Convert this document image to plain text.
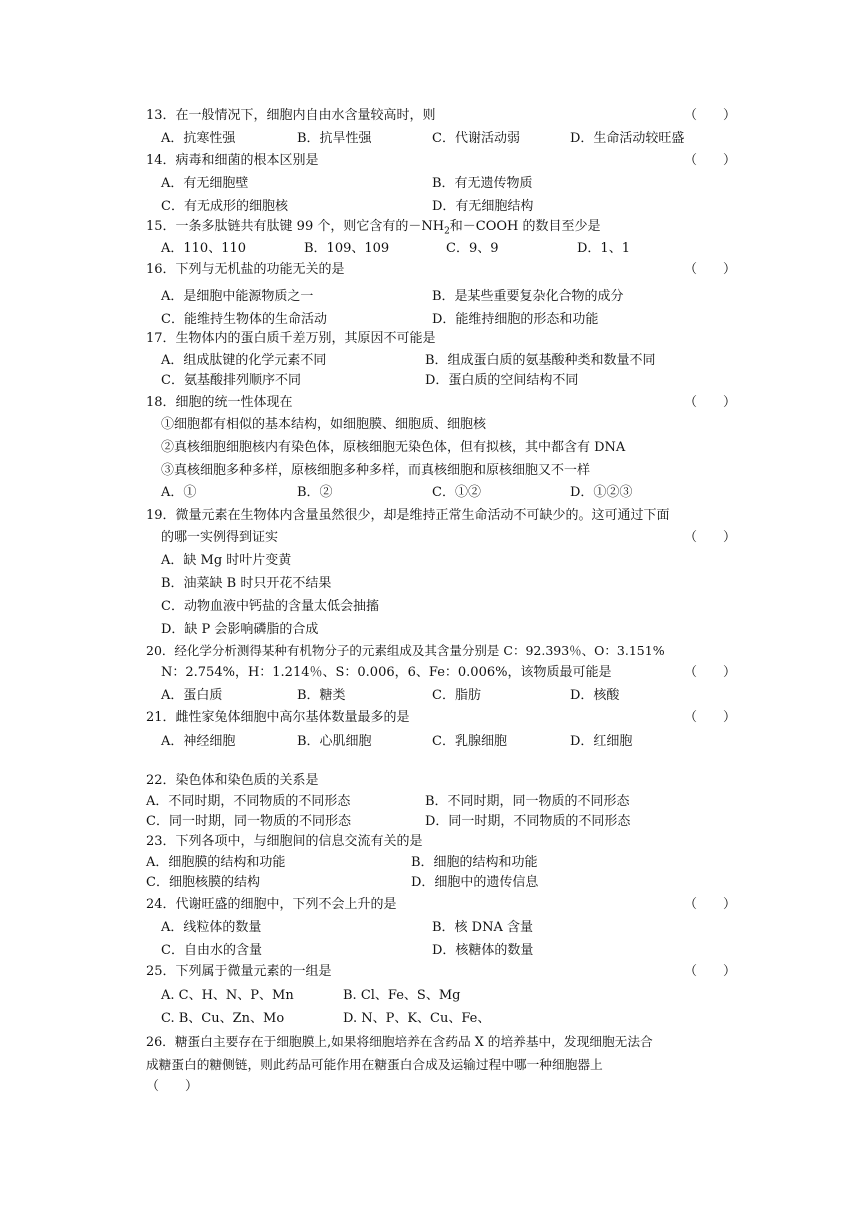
13．在一般情况下，细胞内自由水含量较高时，则	（　　）
A．抗寒性强	B．抗旱性强	C．代谢活动弱	D．生命活动较旺盛
14．病毒和细菌的根本区别是	（　　）
A．有无细胞壁	B．有无遗传物质
C．有无成形的细胞核	D．有无细胞结构
15．一条多肽链共有肽键 99 个，则它含有的$-NH_2$和－COOH 的数目至少是
A．110、110	B．109、109	C．9、9	D．1、1
16．下列与无机盐的功能无关的是	（　　）
A．是细胞中能源物质之一	B．是某些重要复杂化合物的成分
C．能维持生物体的生命活动	D．能维持细胞的形态和功能
17．生物体内的蛋白质千差万别，其原因不可能是
A．组成肽键的化学元素不同	B．组成蛋白质的氨基酸种类和数量不同
C．氨基酸排列顺序不同	D．蛋白质的空间结构不同
18．细胞的统一性体现在	（　　）
①细胞都有相似的基本结构，如细胞膜、细胞质、细胞核
②真核细胞细胞核内有染色体，原核细胞无染色体，但有拟核，其中都含有 DNA
③真核细胞多种多样，原核细胞多种多样，而真核细胞和原核细胞又不一样
A．①	B．②	C．①②	D．①②③
19．微量元素在生物体内含量虽然很少，却是维持正常生命活动不可缺少的。这可通过下面
的哪一实例得到证实	（　　）
A．缺 Mg 时叶片变黄
B．油菜缺 B 时只开花不结果
C．动物血液中钙盐的含量太低会抽搐
D．缺 P 会影响磷脂的合成
20．经化学分析测得某种有机物分子的元素组成及其含量分别是 C：92.393％、O：3.151%
N：2.754%，H：1.214％、S：0.006，6、Fe：0.006%，该物质最可能是	（　　）
A．蛋白质	B．糖类	C．脂肪	D．核酸
21．雌性家兔体细胞中高尔基体数量最多的是	（　　）
A．神经细胞	B．心肌细胞	C．乳腺细胞	D．红细胞
22．染色体和染色质的关系是
A．不同时期，不同物质的不同形态	B．不同时期，同一物质的不同形态
C．同一时期，同一物质的不同形态	D．同一时期，不同物质的不同形态
23．下列各项中，与细胞间的信息交流有关的是
A．细胞膜的结构和功能	B．细胞的结构和功能
C．细胞核膜的结构	D．细胞中的遗传信息
24．代谢旺盛的细胞中，下列不会上升的是	（　　）
A．线粒体的数量	B．核 DNA 含量
C．自由水的含量	D．核糖体的数量
25．下列属于微量元素的一组是	（　　）
A. C、H、N、P、Mn	B. Cl、Fe、S、Mg
C. B、Cu、Zn、Mo	D. N、P、K、Cu、Fe、
26．糖蛋白主要存在于细胞膜上,如果将细胞培养在含药品 X 的培养基中，发现细胞无法合
成糖蛋白的糖侧链，则此药品可能作用在糖蛋白合成及运输过程中哪一种细胞器上
（　　）
